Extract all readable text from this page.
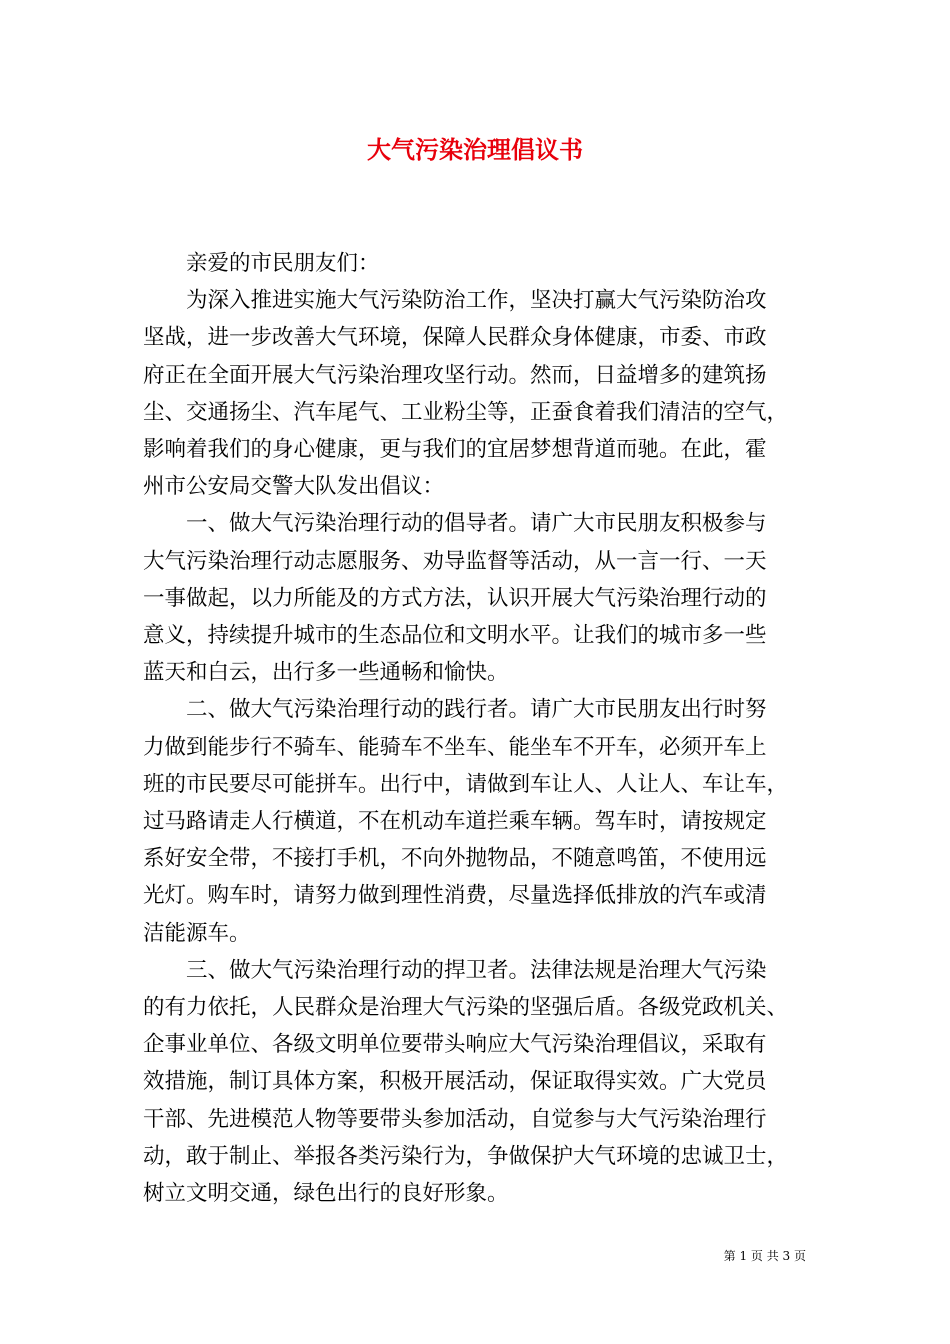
大气污染治理倡议书

亲爱的市民朋友们：

为深入推进实施大气污染防治工作，坚决打赢大气污染防治攻
坚战，进一步改善大气环境，保障人民群众身体健康，市委、市政
府正在全面开展大气污染治理攻坚行动。然而，日益增多的建筑扬
尘、交通扬尘、汽车尾气、工业粉尘等，正蚕食着我们清洁的空气，
影响着我们的身心健康，更与我们的宜居梦想背道而驰。在此，霍
州市公安局交警大队发出倡议：

一、做大气污染治理行动的倡导者。请广大市民朋友积极参与
大气污染治理行动志愿服务、劝导监督等活动，从一言一行、一天
一事做起，以力所能及的方式方法，认识开展大气污染治理行动的
意义，持续提升城市的生态品位和文明水平。让我们的城市多一些
蓝天和白云，出行多一些通畅和愉快。

二、做大气污染治理行动的践行者。请广大市民朋友出行时努
力做到能步行不骑车、能骑车不坐车、能坐车不开车，必须开车上
班的市民要尽可能拼车。出行中，请做到车让人、人让人、车让车，
过马路请走人行横道，不在机动车道拦乘车辆。驾车时，请按规定
系好安全带，不接打手机，不向外抛物品，不随意鸣笛，不使用远
光灯。购车时，请努力做到理性消费，尽量选择低排放的汽车或清
洁能源车。

三、做大气污染治理行动的捍卫者。法律法规是治理大气污染
的有力依托，人民群众是治理大气污染的坚强后盾。各级党政机关、
企事业单位、各级文明单位要带头响应大气污染治理倡议，采取有
效措施，制订具体方案，积极开展活动，保证取得实效。广大党员
干部、先进模范人物等要带头参加活动，自觉参与大气污染治理行
动，敢于制止、举报各类污染行为，争做保护大气环境的忠诚卫士，
树立文明交通，绿色出行的良好形象。

第 1 页 共 3 页
